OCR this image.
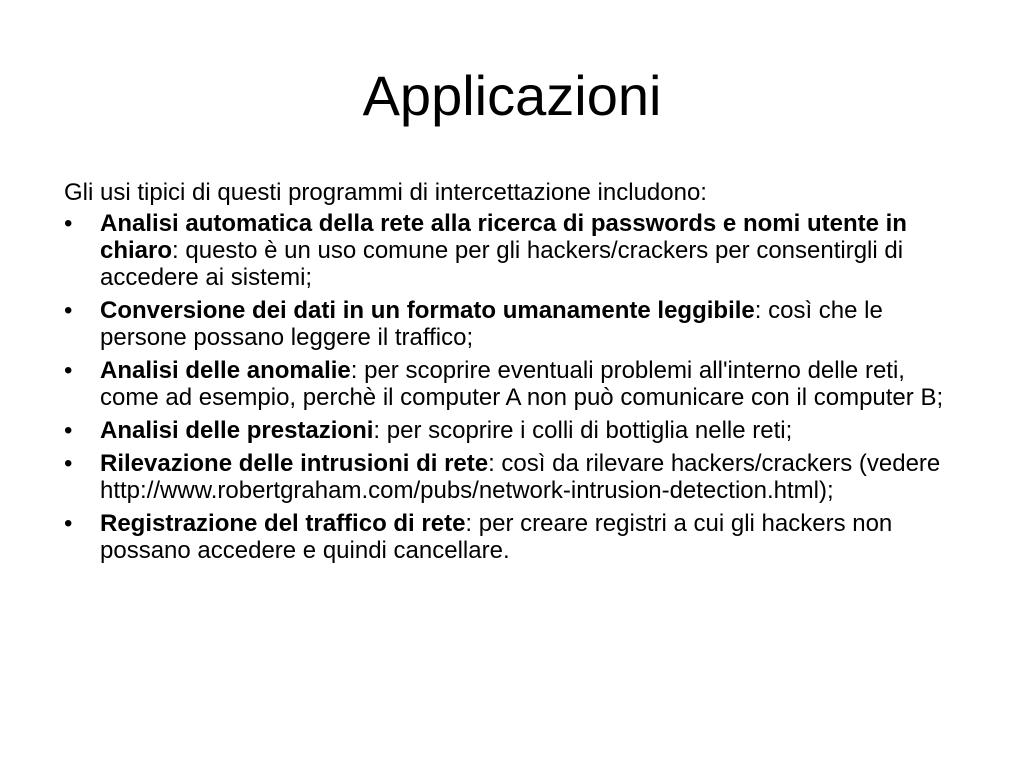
Applicazioni

Gli usi tipici di questi programmi di intercettazione includono:

•	Analisi automatica della rete alla ricerca di passwords e nomi utente in chiaro: questo è un uso comune per gli hackers/crackers per consentirgli di accedere ai sistemi;
•	Conversione dei dati in un formato umanamente leggibile: così che le persone possano leggere il traffico;
•	Analisi delle anomalie: per scoprire eventuali problemi all'interno delle reti, come ad esempio, perchè il computer A non può comunicare con il computer B;
•	Analisi delle prestazioni: per scoprire i colli di bottiglia nelle reti;
•	Rilevazione delle intrusioni di rete: così da rilevare hackers/crackers (vedere http://www.robertgraham.com/pubs/network-intrusion-detection.html);
•	Registrazione del traffico di rete: per creare registri a cui gli hackers non possano accedere e quindi cancellare.
